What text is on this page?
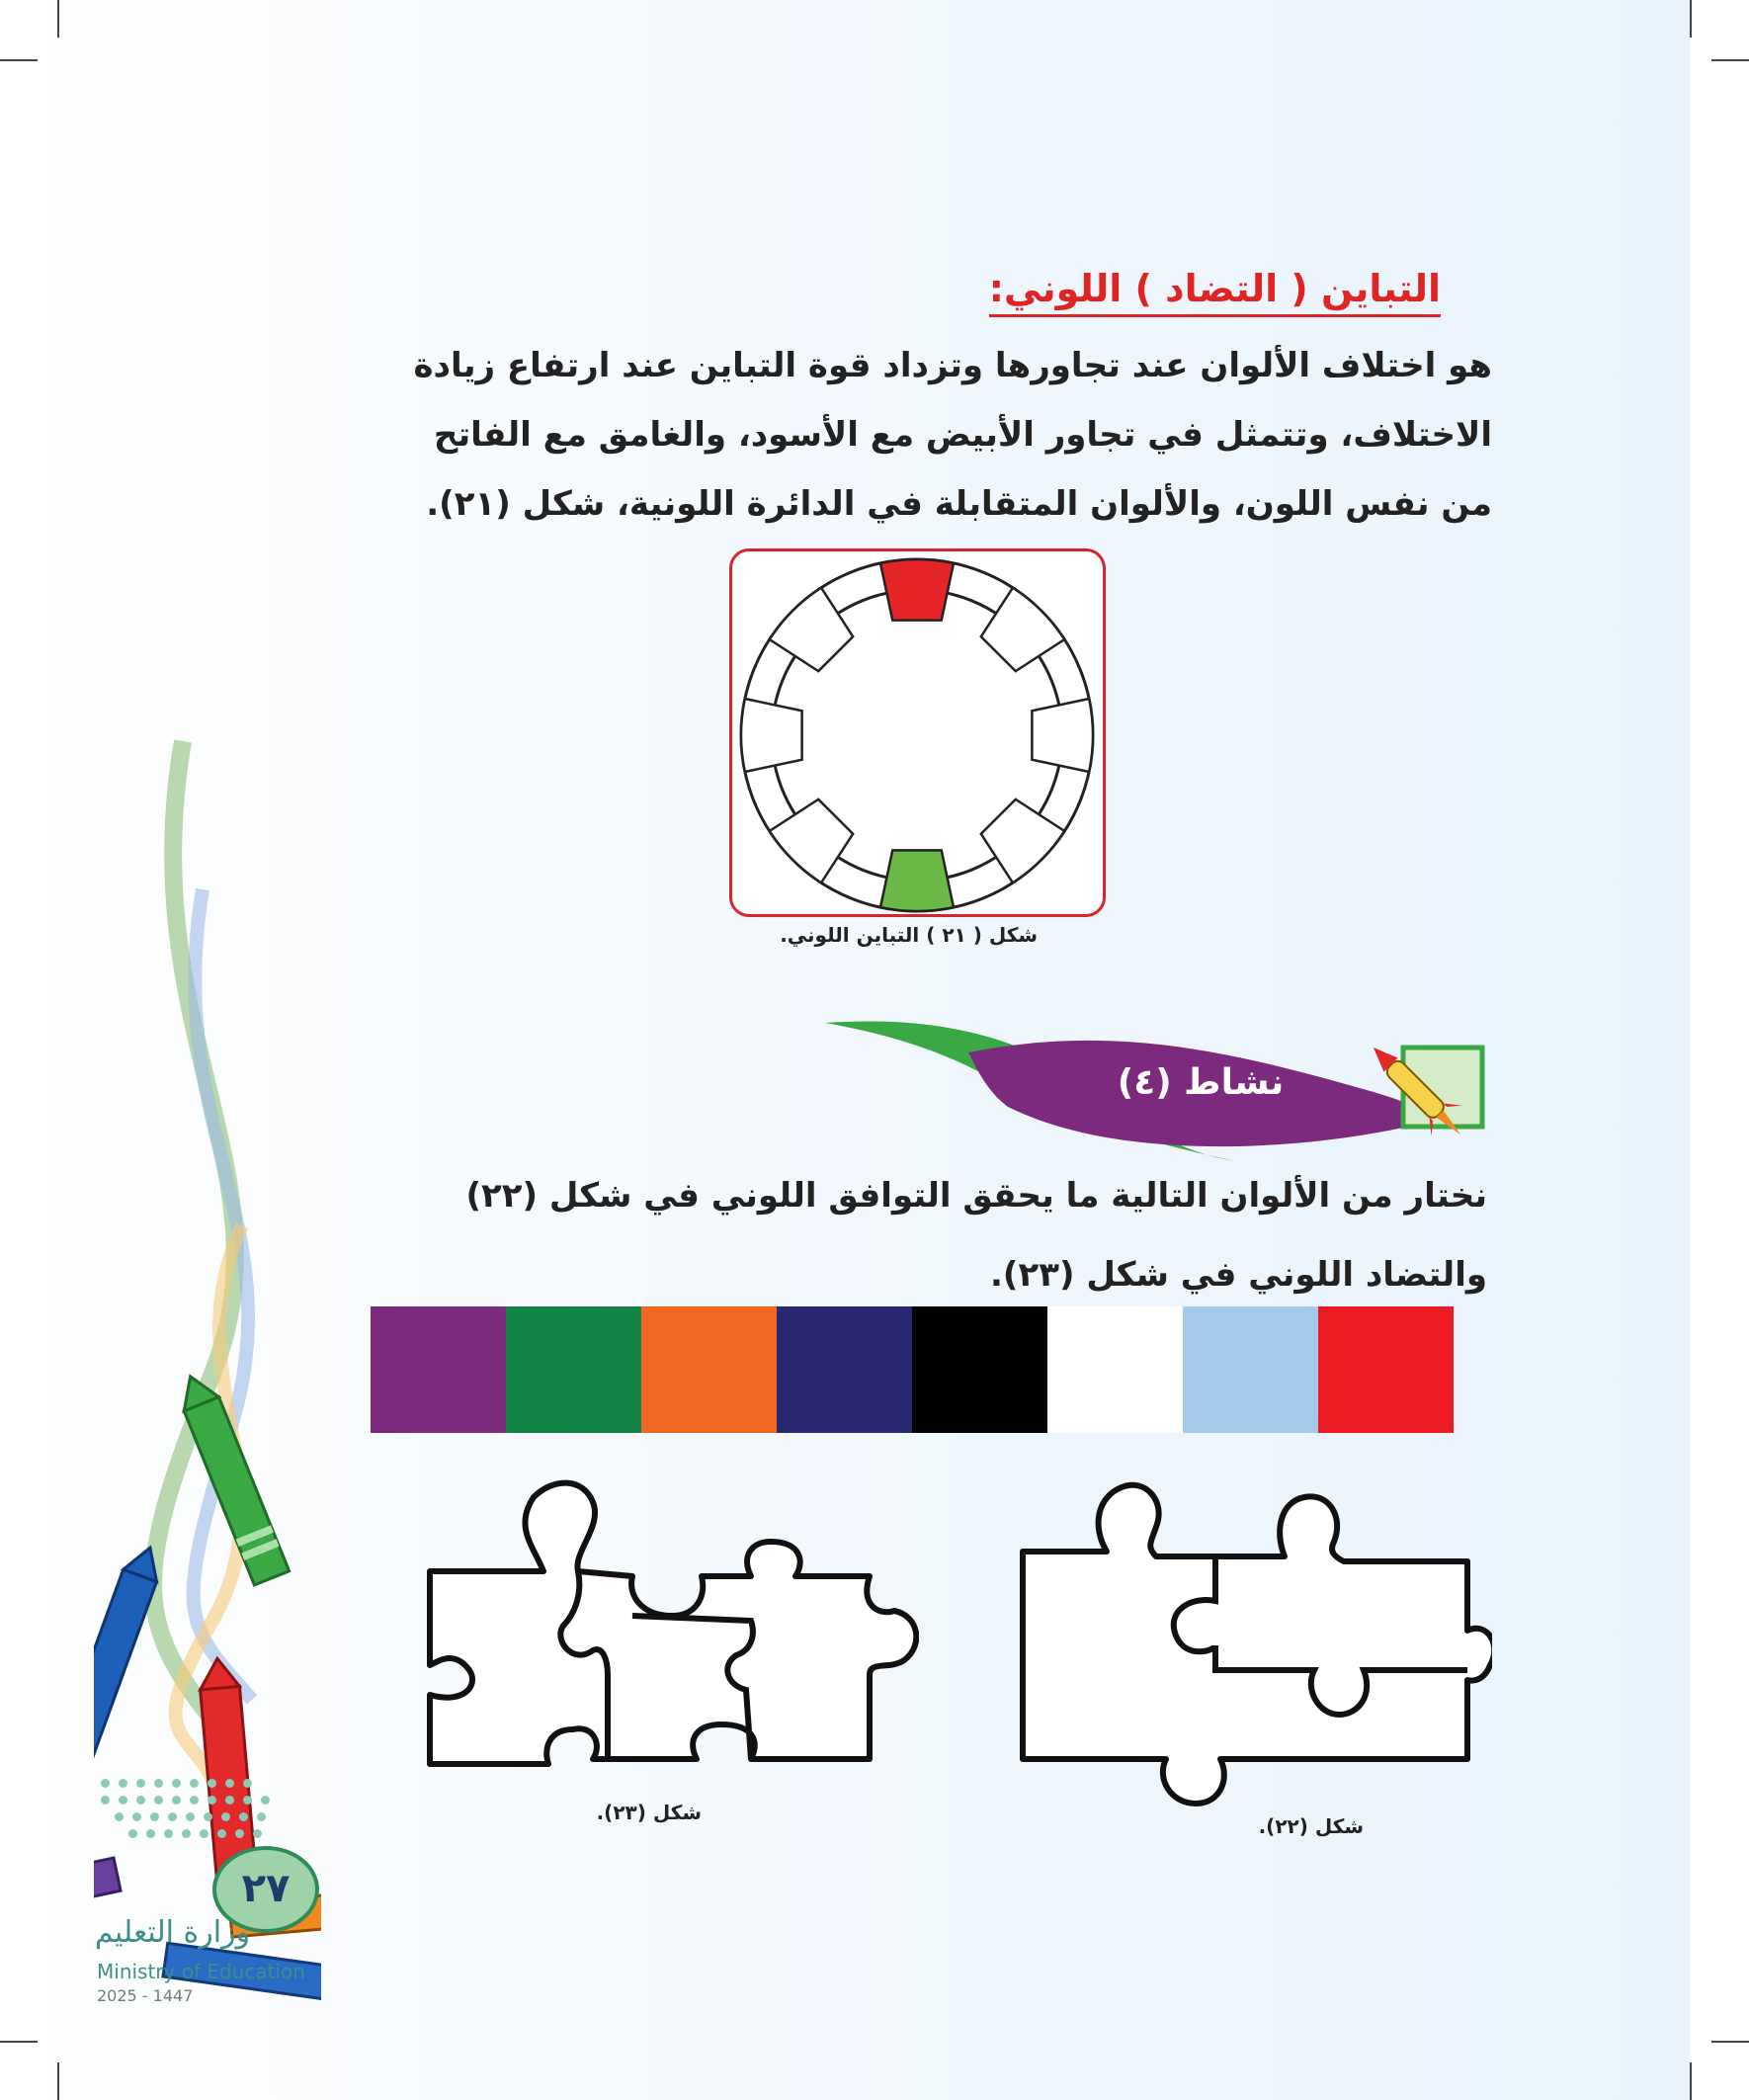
التباين ( التضاد ) اللوني:
هو اختلاف الألوان عند تجاورها وتزداد قوة التباين عند ارتفاع زيادة الاختلاف، وتتمثل في تجاور الأبيض مع الأسود، والغامق مع الفاتح من نفس اللون، والألوان المتقابلة في الدائرة اللونية، شكل (٢١).
شكل ( ٢١ ) التباين اللوني.
نشاط (٤)
نختار من الألوان التالية ما يحقق التوافق اللوني في شكل (٢٢) والتضاد اللوني في شكل (٢٣).
شكل (٢٣).
شكل (٢٢).
٢٧
وزارة التعليم
Ministry of Education
2025 - 1447
